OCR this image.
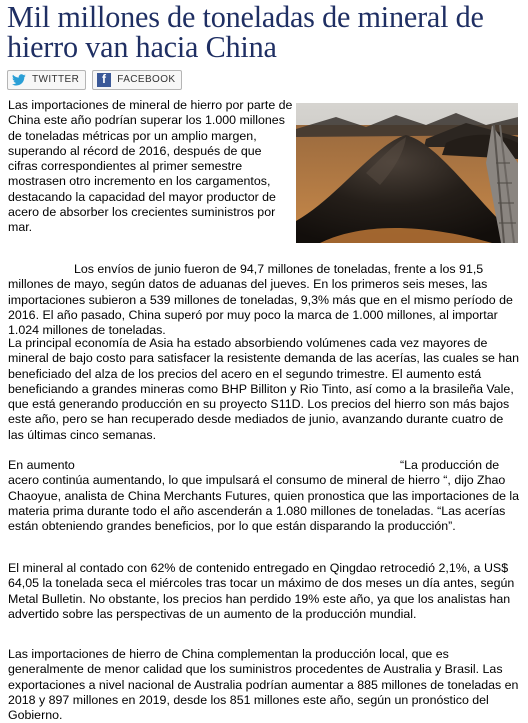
Mil millones de toneladas de mineral de hierro van hacia China
TWITTER	f	FACEBOOK

Las importaciones de mineral de hierro por parte de China este año podrían superar los 1.000 millones de toneladas métricas por un amplio margen, superando al récord de 2016, después de que cifras correspondientes al primer semestre mostrasen otro incremento en los cargamentos, destacando la capacidad del mayor productor de acero de absorber los crecientes suministros por mar.

Los envíos de junio fueron de 94,7 millones de toneladas, frente a los 91,5 millones de mayo, según datos de aduanas del jueves. En los primeros seis meses, las importaciones subieron a 539 millones de toneladas, 9,3% más que en el mismo período de 2016. El año pasado, China superó por muy poco la marca de 1.000 millones, al importar 1.024 millones de toneladas.

La principal economía de Asia ha estado absorbiendo volúmenes cada vez mayores de mineral de bajo costo para satisfacer la resistente demanda de las acerías, las cuales se han beneficiado del alza de los precios del acero en el segundo trimestre. El aumento está beneficiando a grandes mineras como BHP Billiton y Rio Tinto, así como a la brasileña Vale, que está generando producción en su proyecto S11D. Los precios del hierro son más bajos este año, pero se han recuperado desde mediados de junio, avanzando durante cuatro de las últimas cinco semanas.

En aumento	“La producción de acero continúa aumentando, lo que impulsará el consumo de mineral de hierro “, dijo Zhao Chaoyue, analista de China Merchants Futures, quien pronostica que las importaciones de la materia prima durante todo el año ascenderán a 1.080 millones de toneladas. “Las acerías están obteniendo grandes beneficios, por lo que están disparando la producción”.

El mineral al contado con 62% de contenido entregado en Qingdao retrocedió 2,1%, a US$ 64,05 la tonelada seca el miércoles tras tocar un máximo de dos meses un día antes, según Metal Bulletin. No obstante, los precios han perdido 19% este año, ya que los analistas han advertido sobre las perspectivas de un aumento de la producción mundial.

Las importaciones de hierro de China complementan la producción local, que es generalmente de menor calidad que los suministros procedentes de Australia y Brasil. Las exportaciones a nivel nacional de Australia podrían aumentar a 885 millones de toneladas en 2018 y 897 millones en 2019, desde los 851 millones este año, según un pronóstico del Gobierno.
